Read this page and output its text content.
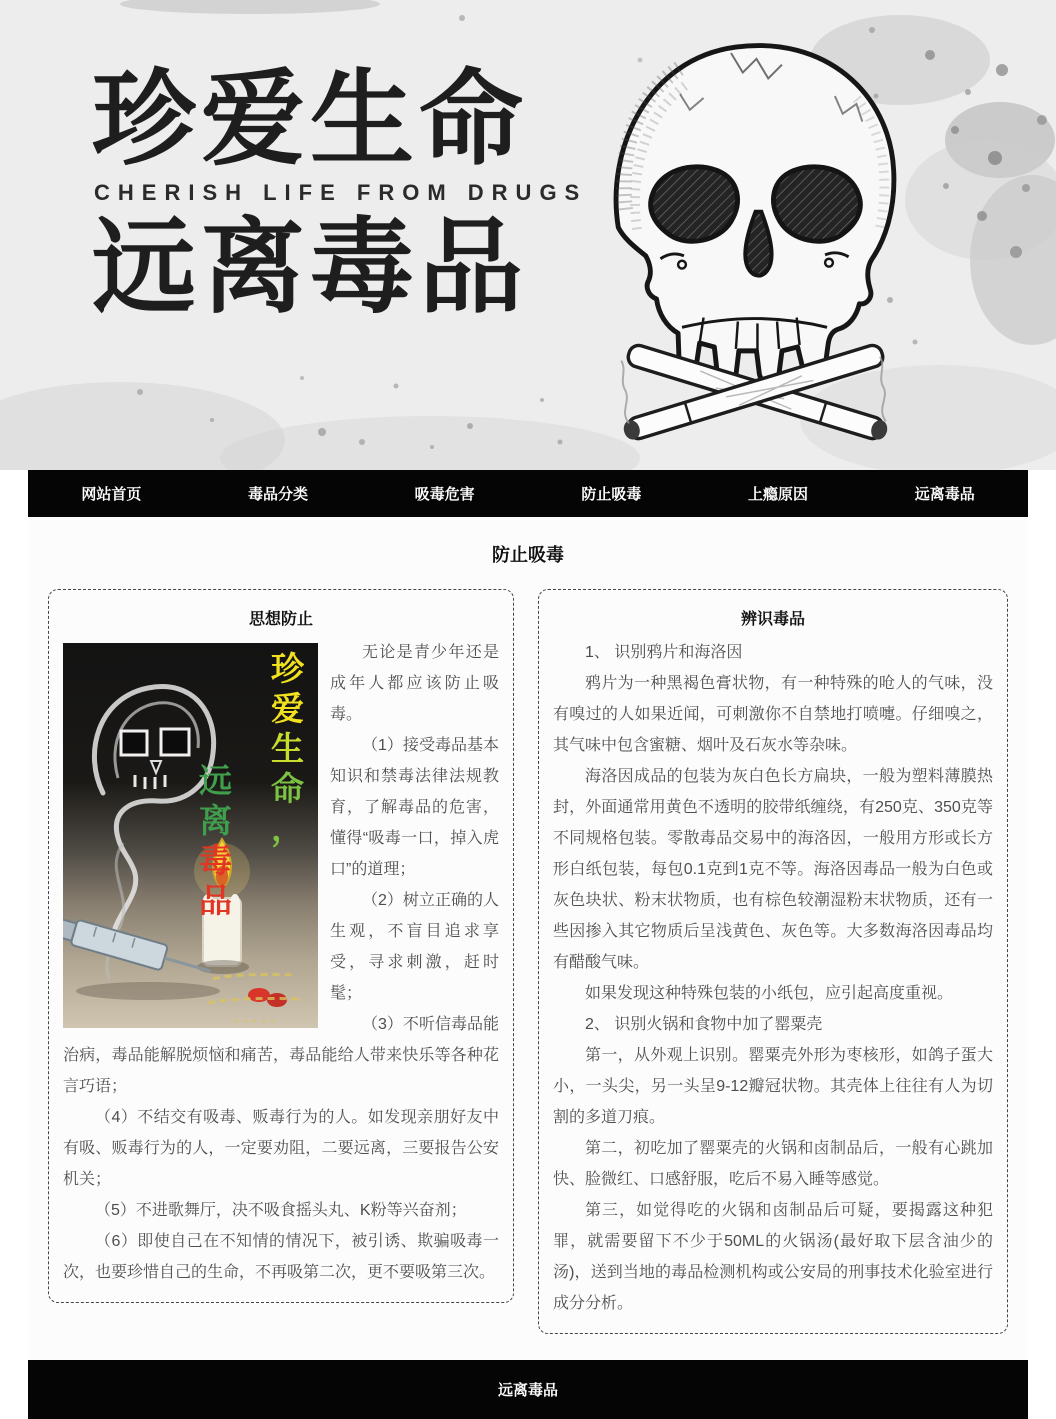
珍爱生命
CHERISH LIFE FROM DRUGS
远离毒品
网站首页	毒品分类	吸毒危害	防止吸毒	上瘾原因	远离毒品
防止吸毒
思想防止
珍
爱
生
命
，
远
离
毒
品

无论是青少年还是成年人都应该防止吸毒。

（1）接受毒品基本知识和禁毒法律法规教育，了解毒品的危害，懂得“吸毒一口，掉入虎口”的道理；

（2）树立正确的人生观，不盲目追求享受，寻求刺激，赶时髦；

（3）不听信毒品能治病，毒品能解脱烦恼和痛苦，毒品能给人带来快乐等各种花言巧语；

（4）不结交有吸毒、贩毒行为的人。如发现亲朋好友中有吸、贩毒行为的人，一定要劝阻，二要远离，三要报告公安机关；

（5）不进歌舞厅，决不吸食摇头丸、K粉等兴奋剂；

（6）即使自己在不知情的情况下，被引诱、欺骗吸毒一次，也要珍惜自己的生命，不再吸第二次，更不要吸第三次。

辨识毒品

1、 识别鸦片和海洛因

鸦片为一种黑褐色膏状物，有一种特殊的呛人的气味，没有嗅过的人如果近闻，可刺激你不自禁地打喷嚏。仔细嗅之，其气味中包含蜜糖、烟叶及石灰水等杂味。

海洛因成品的包装为灰白色长方扁块，一般为塑料薄膜热封，外面通常用黄色不透明的胶带纸缠绕，有250克、350克等不同规格包装。零散毒品交易中的海洛因，一般用方形或长方形白纸包装，每包0.1克到1克不等。海洛因毒品一般为白色或灰色块状、粉末状物质，也有棕色较潮湿粉末状物质，还有一些因掺入其它物质后呈浅黄色、灰色等。大多数海洛因毒品均有醋酸气味。

如果发现这种特殊包装的小纸包，应引起高度重视。

2、 识别火锅和食物中加了罂粟壳

第一，从外观上识别。罂粟壳外形为枣核形，如鸽子蛋大小，一头尖，另一头呈9-12瓣冠状物。其壳体上往往有人为切割的多道刀痕。

第二，初吃加了罂粟壳的火锅和卤制品后，一般有心跳加快、脸微红、口感舒服，吃后不易入睡等感觉。

第三，如觉得吃的火锅和卤制品后可疑，要揭露这种犯罪，就需要留下不少于50ML的火锅汤(最好取下层含油少的汤)，送到当地的毒品检测机构或公安局的刑事技术化验室进行成分分析。

远离毒品
